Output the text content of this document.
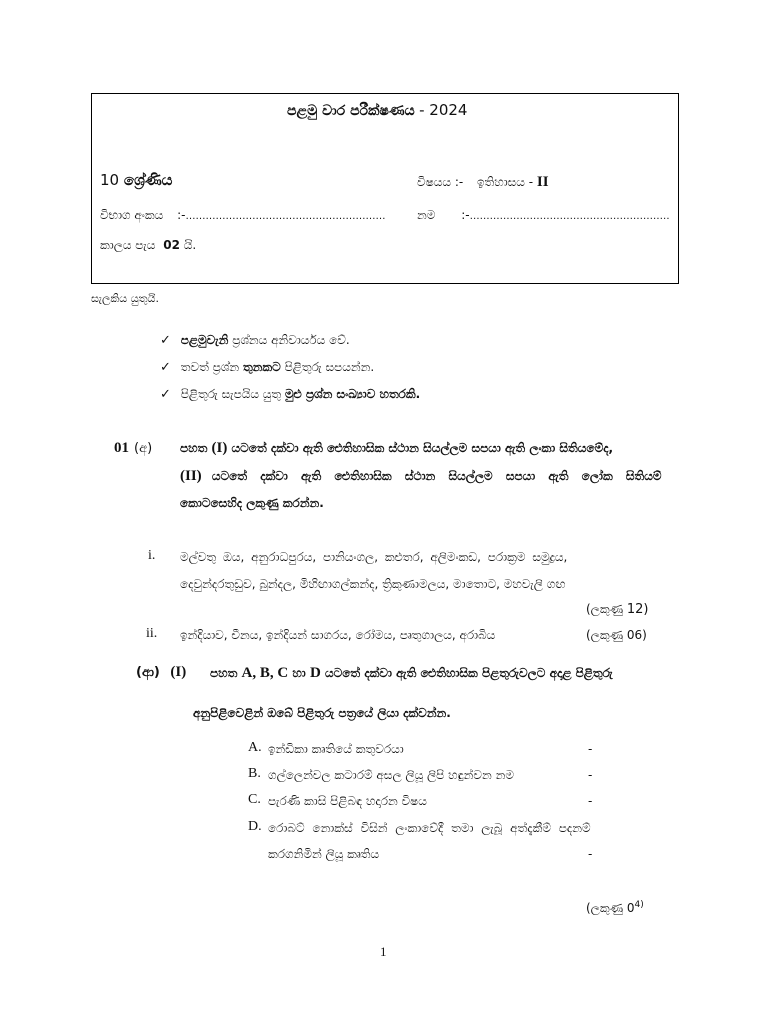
පළමු වාර පරීක්ෂණය - 2024
10 ශ්‍රේණිය	විෂයය :- ඉතිහාසය - II
විභාග අංකය :-……………………………………………………	නම :-……………………………………………………
කාලය පැය 02 යි.
සැලකිය යුතුයි.
✓ පළමුවැනි ප්‍රශ්නය අනිවාර්යය වේ.
✓ තවත් ප්‍රශ්න තුනකට පිළිතුරු සපයන්න.
✓ පිළිතුරු සැපයිය යුතු මුළු ප්‍රශ්න සංඛ්‍යාව හතරකි.
01 (අ) පහත (I) යටතේ දක්වා ඇති ඓතිහාසික ස්ථාන සියල්ලම සපයා ඇති ලංකා සිතියමේද,
(II) යටතේ දක්වා ඇති ඓතිහාසික ස්ථාන සියල්ලම සපයා ඇති ලෝක සිතියම්
කොටසෙහිද ලකුණු කරන්න.
i. මල්වතු ඔය, අනුරාධපුරය, පානියංගල, කළුතර, අලිමංකඩ, පරාක්‍රම සමුද්‍රය,
දෙවුන්දරතුඩුව, බුන්දල, මිහිඟාගල්කන්ද, ත්‍රිකුණාමලය, මාතොට, මහවැලි ගඟ
(ලකුණු 12)
ii. ඉන්දියාව, චීනය, ඉන්දියන් සාගරය, රෝමය, පෘතුගාලය, අරාබිය	(ලකුණු 06)
(ආ) (I) පහත A, B, C හා D යටතේ දක්වා ඇති ඓතිහාසික පිළතුරුවලට අදාළ පිළිතුරු
අනුපිළිවෙළින් ඔබේ පිළිතුරු පත්‍රයේ ලියා දක්වන්න.
A. ඉන්ඩිකා කෘතියේ කතුවරයා	-
B. ගල්ලෙන්වල කටාරම් අසල ලියූ ලිපි හඳුන්වන නම	-
C. පැරණි කාසි පිළිබඳ හදාරන විෂය	-
D. රොබට් නොක්ස් විසින් ලංකාවේදී තමා ලැබූ අත්දැකීම් පදනම්
කරගනිමින් ලියූ කෘතිය	-
(ලකුණු 0$^{4)}$
1
